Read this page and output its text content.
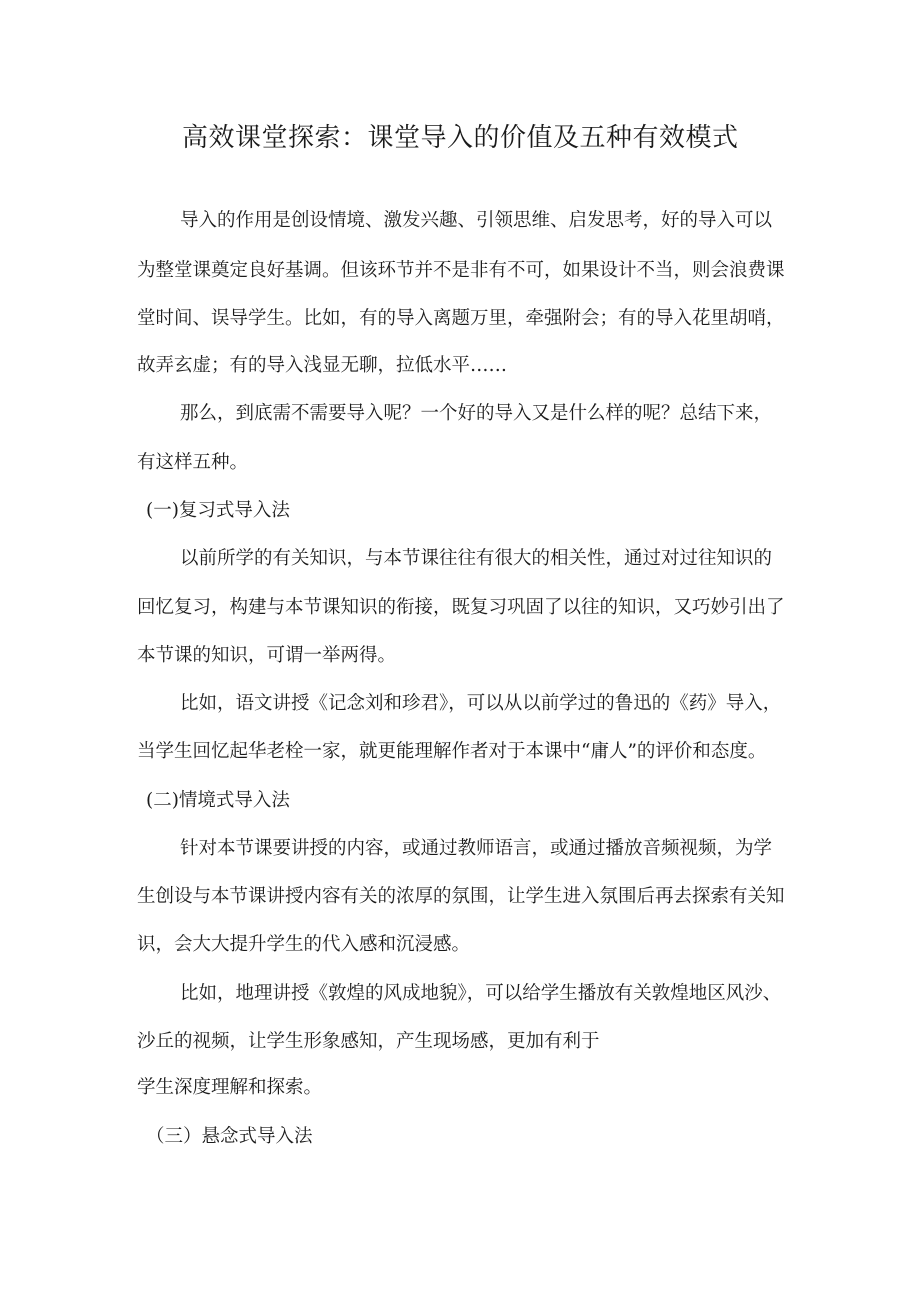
高效课堂探索：课堂导入的价值及五种有效模式
导入的作用是创设情境、激发兴趣、引领思维、启发思考，好的导入可以
为整堂课奠定良好基调。但该环节并不是非有不可，如果设计不当，则会浪费课
堂时间、误导学生。比如，有的导入离题万里，牵强附会；有的导入花里胡哨，
故弄玄虚；有的导入浅显无聊，拉低水平……
那么，到底需不需要导入呢？一个好的导入又是什么样的呢？总结下来，
有这样五种。
(一)复习式导入法
以前所学的有关知识，与本节课往往有很大的相关性，通过对过往知识的
回忆复习，构建与本节课知识的衔接，既复习巩固了以往的知识，又巧妙引出了
本节课的知识，可谓一举两得。
比如，语文讲授《记念刘和珍君》，可以从以前学过的鲁迅的《药》导入，
当学生回忆起华老栓一家，就更能理解作者对于本课中“庸人”的评价和态度。
(二)情境式导入法
针对本节课要讲授的内容，或通过教师语言，或通过播放音频视频，为学
生创设与本节课讲授内容有关的浓厚的氛围，让学生进入氛围后再去探索有关知
识，会大大提升学生的代入感和沉浸感。
比如，地理讲授《敦煌的风成地貌》，可以给学生播放有关敦煌地区风沙、
沙丘的视频，让学生形象感知，产生现场感，更加有利于
学生深度理解和探索。
（三）悬念式导入法
